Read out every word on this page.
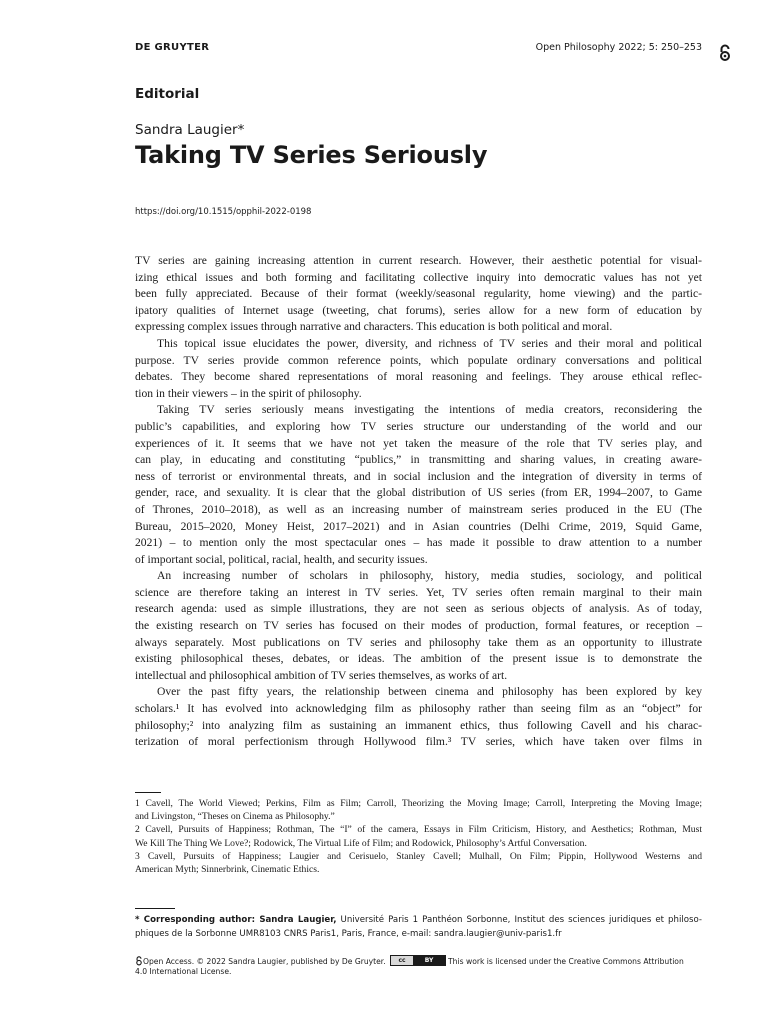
DE GRUYTER	Open Philosophy 2022; 5: 250–253
Editorial
Sandra Laugier*
Taking TV Series Seriously
https://doi.org/10.1515/opphil-2022-0198
TV series are gaining increasing attention in current research. However, their aesthetic potential for visual-
izing ethical issues and both forming and facilitating collective inquiry into democratic values has not yet
been fully appreciated. Because of their format (weekly/seasonal regularity, home viewing) and the partic-
ipatory qualities of Internet usage (tweeting, chat forums), series allow for a new form of education by
expressing complex issues through narrative and characters. This education is both political and moral.
This topical issue elucidates the power, diversity, and richness of TV series and their moral and political
purpose. TV series provide common reference points, which populate ordinary conversations and political
debates. They become shared representations of moral reasoning and feelings. They arouse ethical reflec-
tion in their viewers – in the spirit of philosophy.
Taking TV series seriously means investigating the intentions of media creators, reconsidering the
public’s capabilities, and exploring how TV series structure our understanding of the world and our
experiences of it. It seems that we have not yet taken the measure of the role that TV series play, and
can play, in educating and constituting “publics,” in transmitting and sharing values, in creating aware-
ness of terrorist or environmental threats, and in social inclusion and the integration of diversity in terms of
gender, race, and sexuality. It is clear that the global distribution of US series (from ER, 1994–2007, to Game
of Thrones, 2010–2018), as well as an increasing number of mainstream series produced in the EU (The
Bureau, 2015–2020, Money Heist, 2017–2021) and in Asian countries (Delhi Crime, 2019, Squid Game,
2021) – to mention only the most spectacular ones – has made it possible to draw attention to a number
of important social, political, racial, health, and security issues.
An increasing number of scholars in philosophy, history, media studies, sociology, and political
science are therefore taking an interest in TV series. Yet, TV series often remain marginal to their main
research agenda: used as simple illustrations, they are not seen as serious objects of analysis. As of today,
the existing research on TV series has focused on their modes of production, formal features, or reception –
always separately. Most publications on TV series and philosophy take them as an opportunity to illustrate
existing philosophical theses, debates, or ideas. The ambition of the present issue is to demonstrate the
intellectual and philosophical ambition of TV series themselves, as works of art.
Over the past fifty years, the relationship between cinema and philosophy has been explored by key
scholars.¹ It has evolved into acknowledging film as philosophy rather than seeing film as an “object” for
philosophy;² into analyzing film as sustaining an immanent ethics, thus following Cavell and his charac-
terization of moral perfectionism through Hollywood film.³ TV series, which have taken over films in
1 Cavell, The World Viewed; Perkins, Film as Film; Carroll, Theorizing the Moving Image; Carroll, Interpreting the Moving Image;
and Livingston, “Theses on Cinema as Philosophy.”
2 Cavell, Pursuits of Happiness; Rothman, The “I” of the camera, Essays in Film Criticism, History, and Aesthetics; Rothman, Must
We Kill The Thing We Love?; Rodowick, The Virtual Life of Film; and Rodowick, Philosophy’s Artful Conversation.
3 Cavell, Pursuits of Happiness; Laugier and Cerisuelo, Stanley Cavell; Mulhall, On Film; Pippin, Hollywood Westerns and
American Myth; Sinnerbrink, Cinematic Ethics.
* Corresponding author: Sandra Laugier, Université Paris 1 Panthéon Sorbonne, Institut des sciences juridiques et philoso-
phiques de la Sorbonne UMR8103 CNRS Paris1, Paris, France, e-mail: sandra.laugier@univ-paris1.fr
Open Access. © 2022 Sandra Laugier, published by De Gruyter.	cc	BY	This work is licensed under the Creative Commons Attribution
4.0 International License.
